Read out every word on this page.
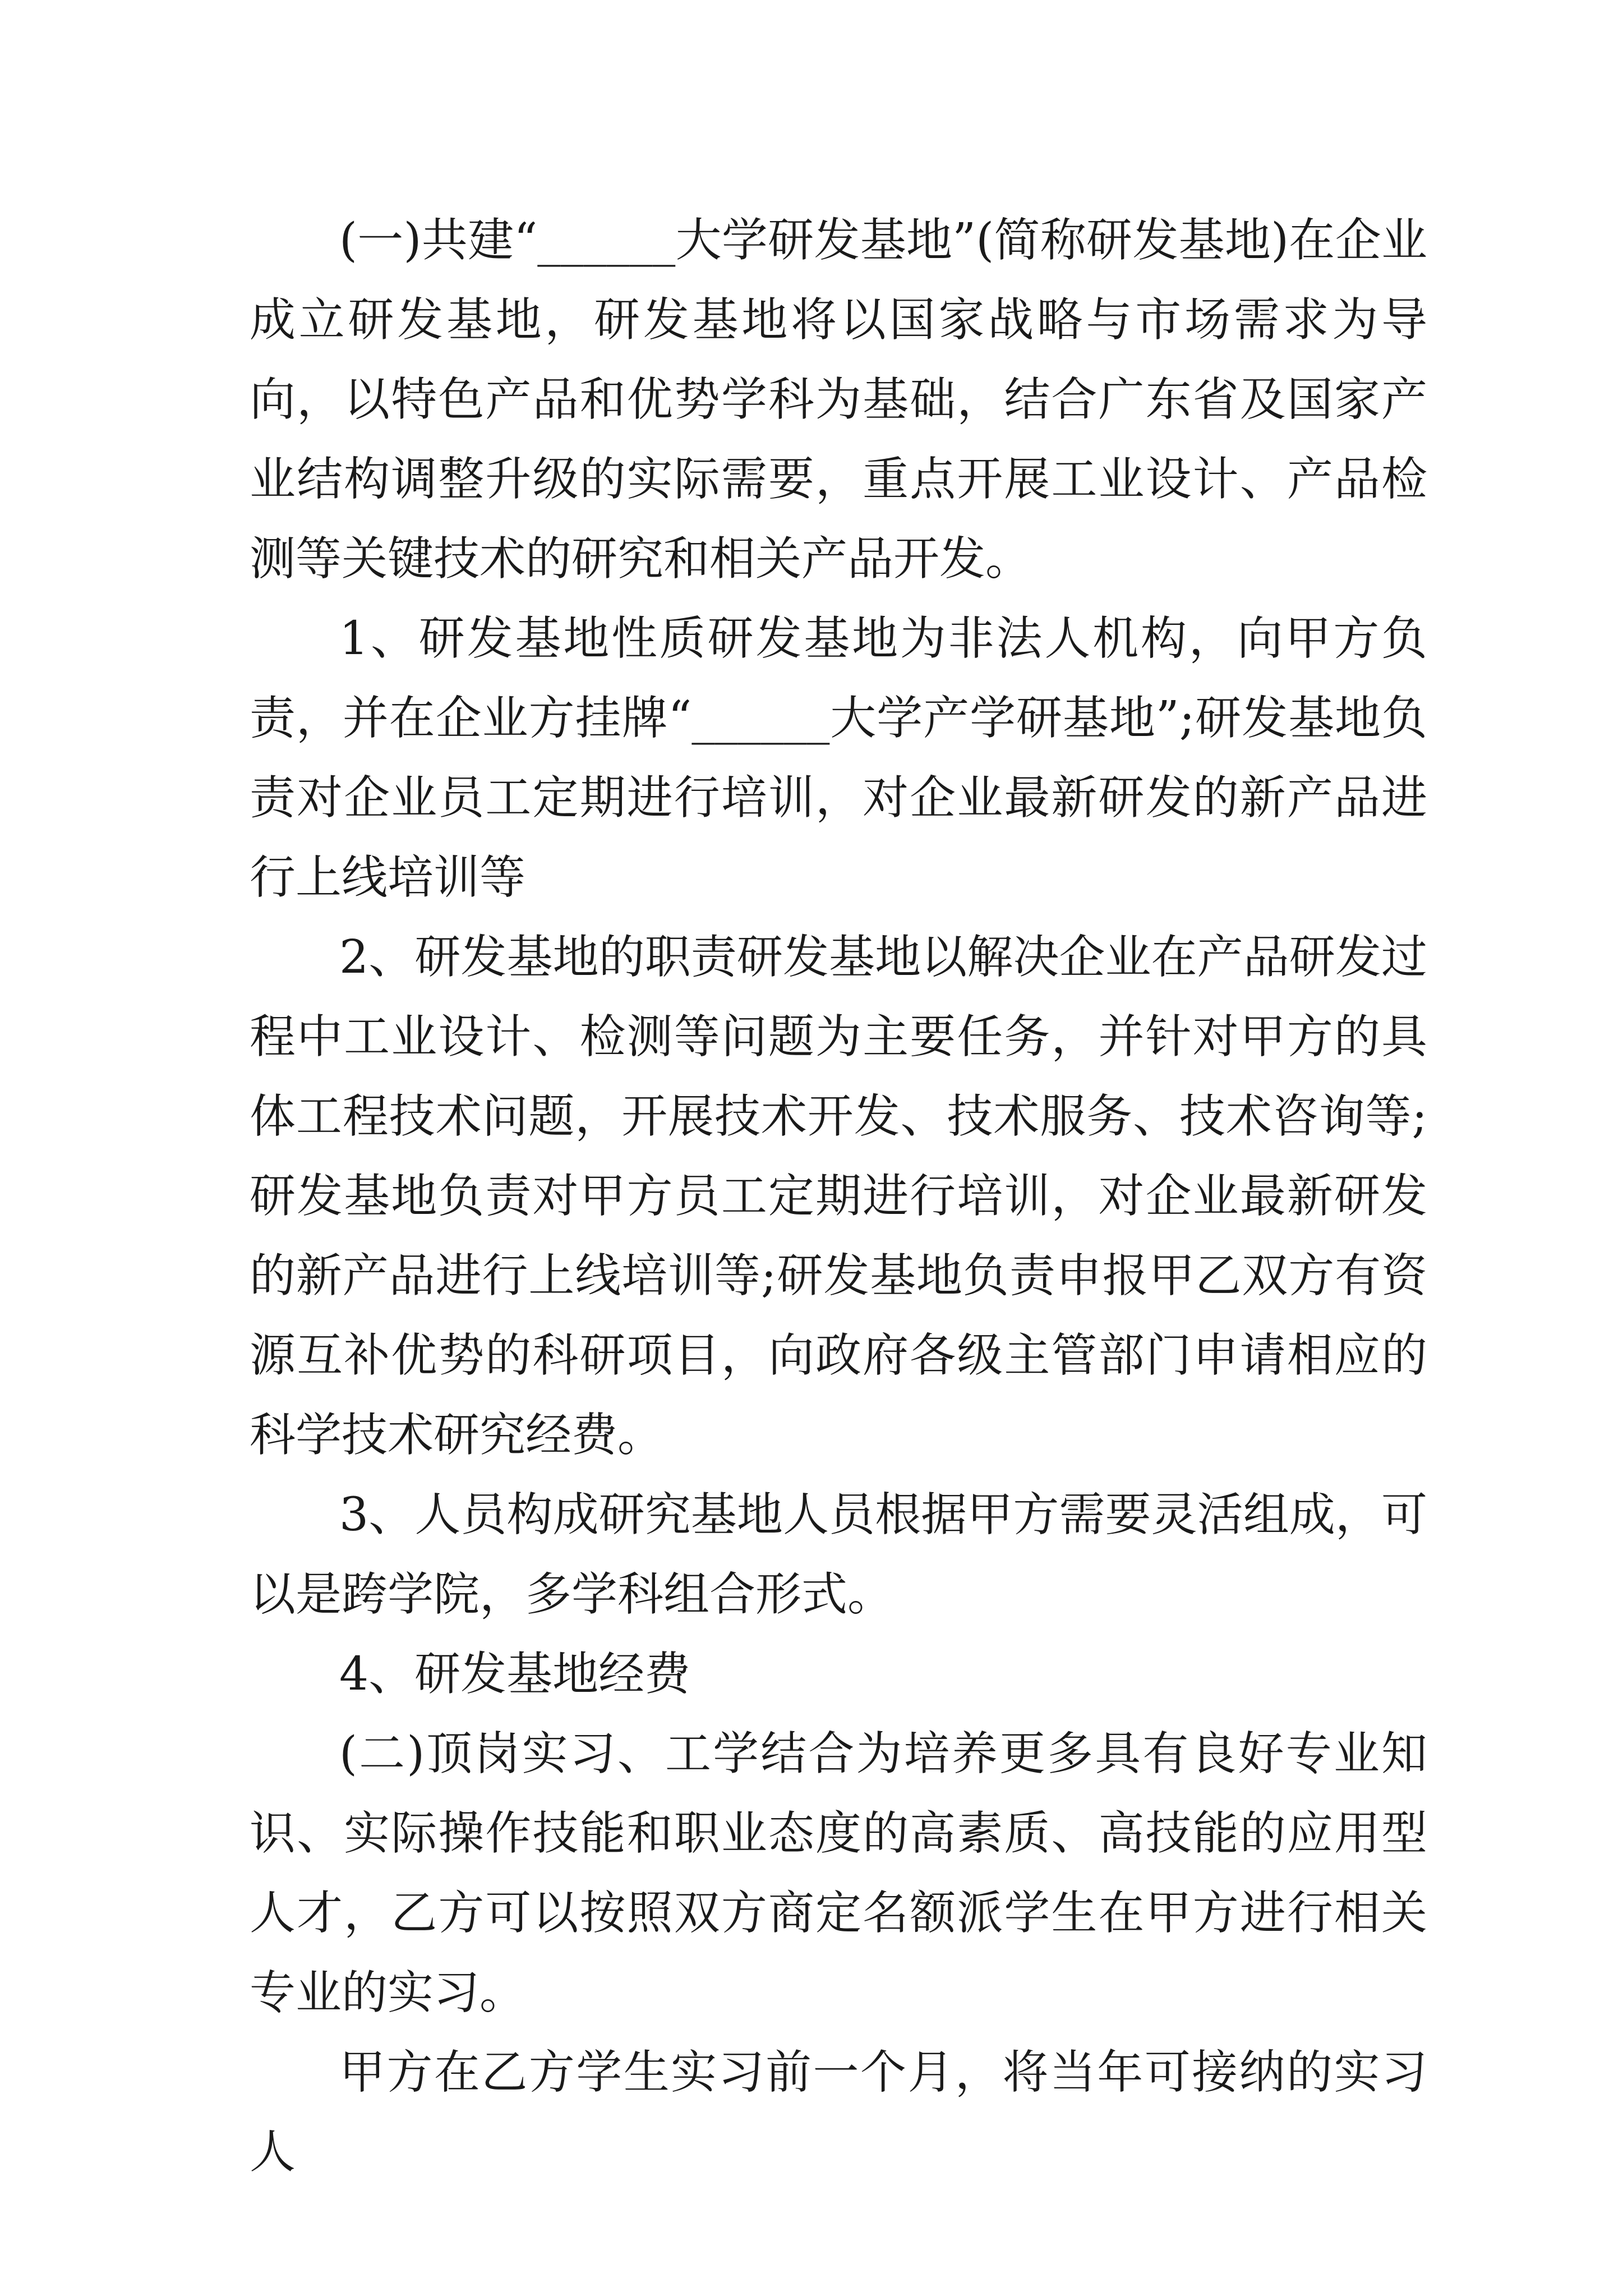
(一)共建“______大学研发基地”(简称研发基地)在企业成立研发基地，研发基地将以国家战略与市场需求为导向，以特色产品和优势学科为基础，结合广东省及国家产业结构调整升级的实际需要，重点开展工业设计、产品检测等关键技术的研究和相关产品开发。

1、研发基地性质研发基地为非法人机构，向甲方负责，并在企业方挂牌“______大学产学研基地”;研发基地负责对企业员工定期进行培训，对企业最新研发的新产品进行上线培训等

2、研发基地的职责研发基地以解决企业在产品研发过程中工业设计、检测等问题为主要任务，并针对甲方的具体工程技术问题，开展技术开发、技术服务、技术咨询等;研发基地负责对甲方员工定期进行培训，对企业最新研发的新产品进行上线培训等;研发基地负责申报甲乙双方有资源互补优势的科研项目，向政府各级主管部门申请相应的科学技术研究经费。

3、人员构成研究基地人员根据甲方需要灵活组成，可以是跨学院，多学科组合形式。

4、研发基地经费

(二)顶岗实习、工学结合为培养更多具有良好专业知识、实际操作技能和职业态度的高素质、高技能的应用型人才，乙方可以按照双方商定名额派学生在甲方进行相关专业的实习。

甲方在乙方学生实习前一个月，将当年可接纳的实习人
